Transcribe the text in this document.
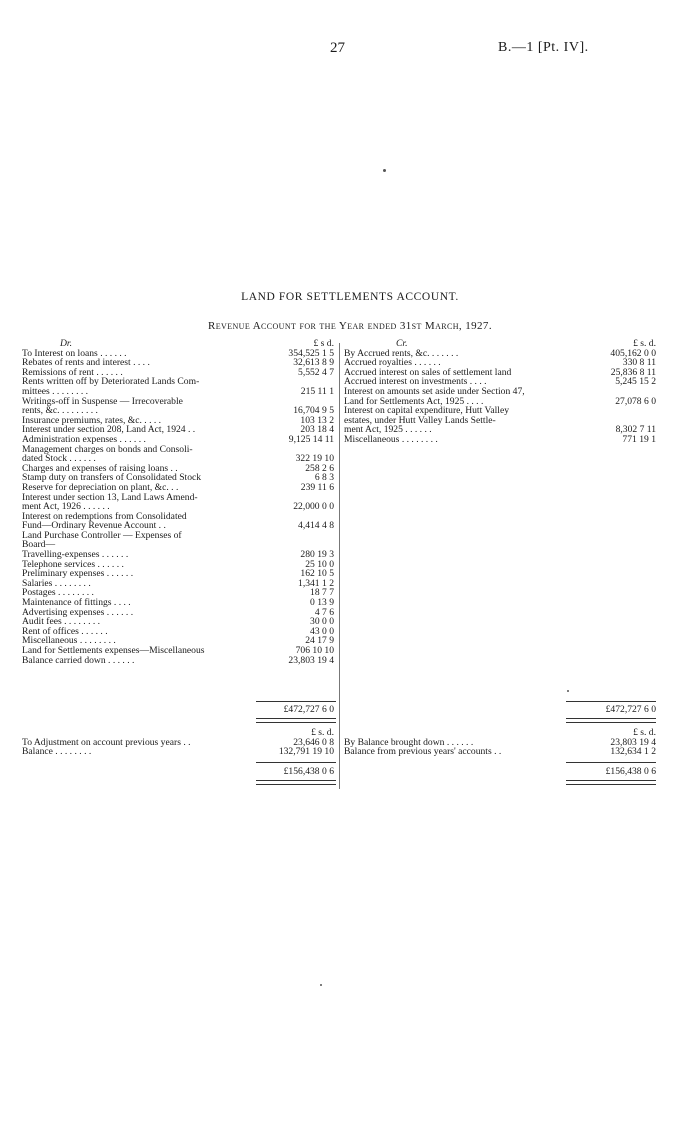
27	B.—1 [Pt. IV].
LAND FOR SETTLEMENTS ACCOUNT.
Revenue Account for the Year ended 31st March, 1927.
Dr.	£ s d.
To Interest on loans . . . . . .	354,525 1 5
Rebates of rents and interest . . . .	32,613 8 9
Remissions of rent . . . . . .	5,552 4 7
Rents written off by Deteriorated Lands Com-
mittees . . . . . . . .	215 11 1
Writings-off in Suspense — Irrecoverable
rents, &c. . . . . . . . .	16,704 9 5
Insurance premiums, rates, &c. . . . .	103 13 2
Interest under section 208, Land Act, 1924 . .	203 18 4
Administration expenses . . . . . .	9,125 14 11
Management charges on bonds and Consoli-
dated Stock . . . . . .	322 19 10
Charges and expenses of raising loans . .	258 2 6
Stamp duty on transfers of Consolidated Stock	6 8 3
Reserve for depreciation on plant, &c. . .	239 11 6
Interest under section 13, Land Laws Amend-
ment Act, 1926 . . . . . .	22,000 0 0
Interest on redemptions from Consolidated
Fund—Ordinary Revenue Account . .	4,414 4 8
Land Purchase Controller — Expenses of
Board—
Travelling-expenses . . . . . .	280 19 3
Telephone services . . . . . .	25 10 0
Preliminary expenses . . . . . .	162 10 5
Salaries . . . . . . . .	1,341 1 2
Postages . . . . . . . .	18 7 7
Maintenance of fittings . . . .	0 13 9
Advertising expenses . . . . . .	4 7 6
Audit fees . . . . . . . .	30 0 0
Rent of offices . . . . . .	43 0 0
Miscellaneous . . . . . . . .	24 17 9
Land for Settlements expenses—Miscellaneous	706 10 10
Balance carried down . . . . . .	23,803 19 4
Cr.	£ s. d.
By Accrued rents, &c. . . . . . .	405,162 0 0
Accrued royalties . . . . . .	330 8 11
Accrued interest on sales of settlement land	25,836 8 11
Accrued interest on investments . . . .	5,245 15 2
Interest on amounts set aside under Section 47,
Land for Settlements Act, 1925 . . . .	27,078 6 0
Interest on capital expenditure, Hutt Valley
estates, under Hutt Valley Lands Settle-
ment Act, 1925 . . . . . .	8,302 7 11
Miscellaneous . . . . . . . .	771 19 1
£472,727 6 0	£472,727 6 0
£ s. d.
To Adjustment on account previous years . .	23,646 0 8
Balance . . . . . . . .	132,791 19 10
£156,438 0 6
£ s. d.
By Balance brought down . . . . . .	23,803 19 4
Balance from previous years' accounts . .	132,634 1 2
£156,438 0 6
